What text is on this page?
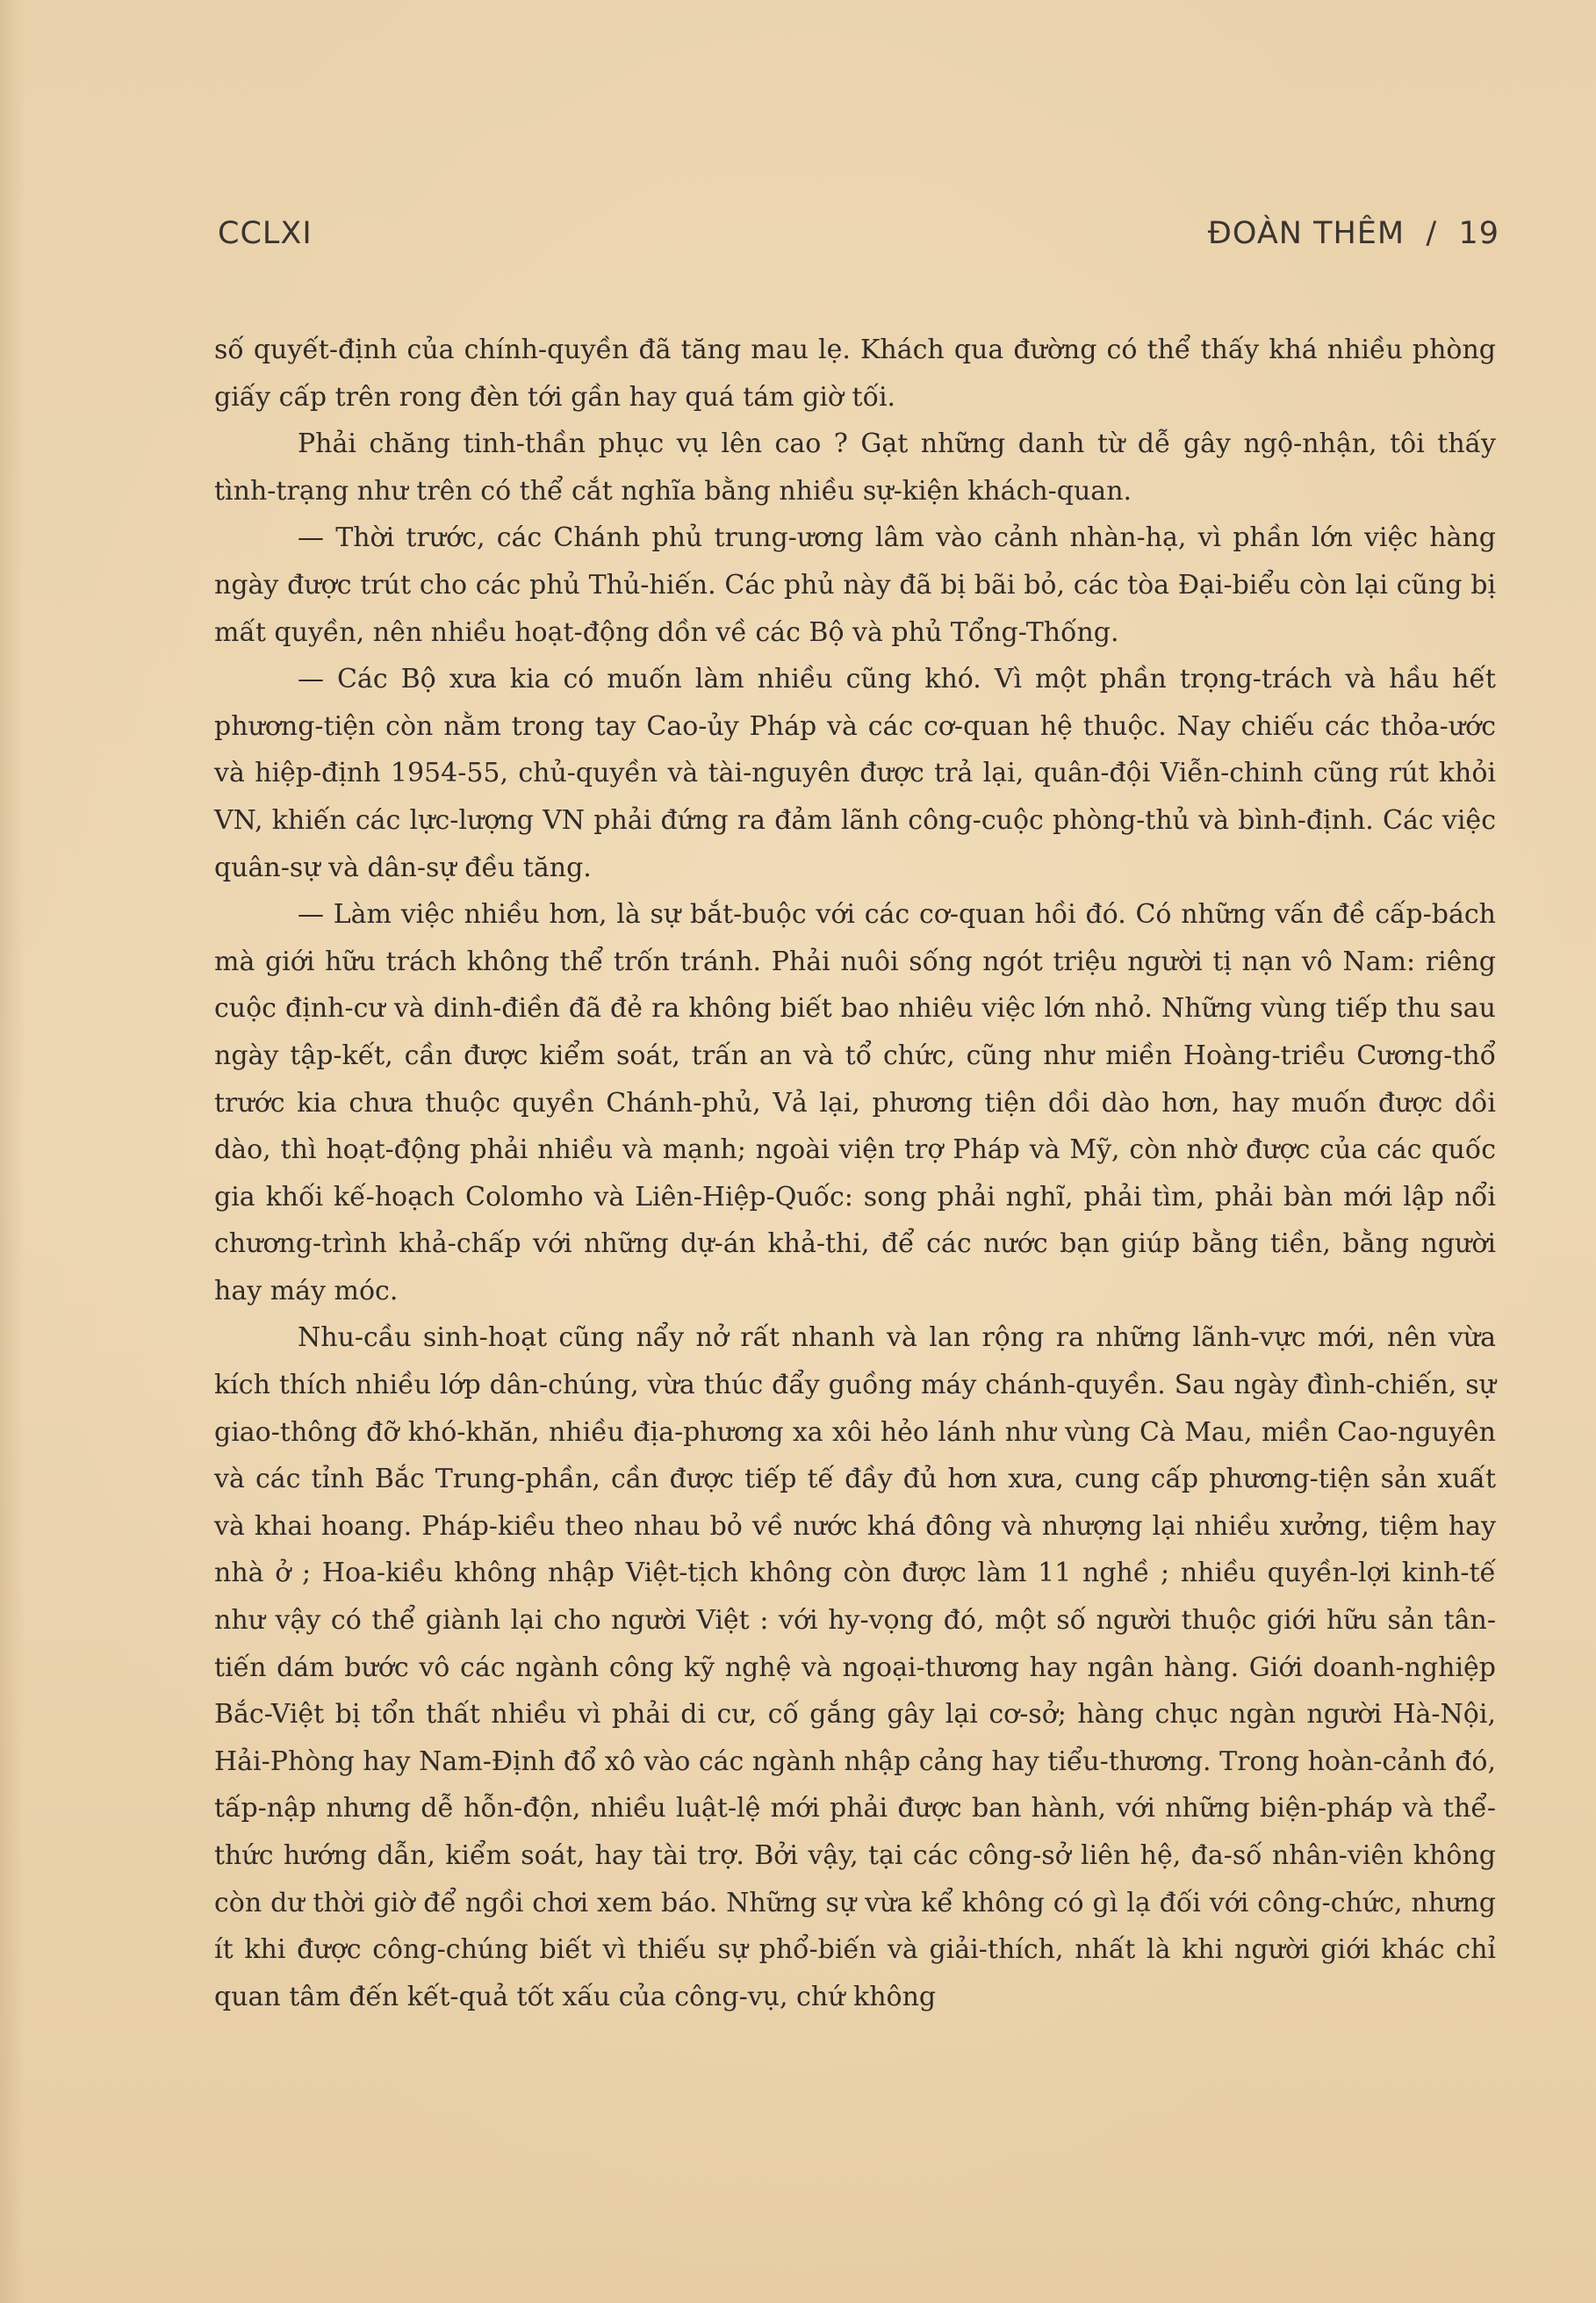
CCLXI	ĐOÀN THÊM / 19

số quyết-định của chính-quyền đã tăng mau lẹ. Khách qua đường có thể thấy khá nhiều phòng giấy cấp trên rong đèn tới gần hay quá tám giờ tối.

Phải chăng tinh-thần phục vụ lên cao ? Gạt những danh từ dễ gây ngộ-nhận, tôi thấy tình-trạng như trên có thể cắt nghĩa bằng nhiều sự-kiện khách-quan.

— Thời trước, các Chánh phủ trung-ương lâm vào cảnh nhàn-hạ, vì phần lớn việc hàng ngày được trút cho các phủ Thủ-hiến. Các phủ này đã bị bãi bỏ, các tòa Đại-biểu còn lại cũng bị mất quyền, nên nhiều hoạt-động dồn về các Bộ và phủ Tổng-Thống.

— Các Bộ xưa kia có muốn làm nhiều cũng khó. Vì một phần trọng-trách và hầu hết phương-tiện còn nằm trong tay Cao-ủy Pháp và các cơ-quan hệ thuộc. Nay chiếu các thỏa-ước và hiệp-định 1954-55, chủ-quyền và tài-nguyên được trả lại, quân-đội Viễn-chinh cũng rút khỏi VN, khiến các lực-lượng VN phải đứng ra đảm lãnh công-cuộc phòng-thủ và bình-định. Các việc quân-sự và dân-sự đều tăng.

— Làm việc nhiều hơn, là sự bắt-buộc với các cơ-quan hồi đó. Có những vấn đề cấp-bách mà giới hữu trách không thể trốn tránh. Phải nuôi sống ngót triệu người tị nạn vô Nam: riêng cuộc định-cư và dinh-điền đã đẻ ra không biết bao nhiêu việc lớn nhỏ. Những vùng tiếp thu sau ngày tập-kết, cần được kiểm soát, trấn an và tổ chức, cũng như miền Hoàng-triều Cương-thổ trước kia chưa thuộc quyền Chánh-phủ, Vả lại, phương tiện dồi dào hơn, hay muốn được dồi dào, thì hoạt-động phải nhiều và mạnh; ngoài viện trợ Pháp và Mỹ, còn nhờ được của các quốc gia khối kế-hoạch Colomho và Liên-Hiệp-Quốc: song phải nghĩ, phải tìm, phải bàn mới lập nổi chương-trình khả-chấp với những dự-án khả-thi, để các nước bạn giúp bằng tiền, bằng người hay máy móc.

Nhu-cầu sinh-hoạt cũng nẩy nở rất nhanh và lan rộng ra những lãnh-vực mới, nên vừa kích thích nhiều lớp dân-chúng, vừa thúc đẩy guồng máy chánh-quyền. Sau ngày đình-chiến, sự giao-thông đỡ khó-khăn, nhiều địa-phương xa xôi hẻo lánh như vùng Cà Mau, miền Cao-nguyên và các tỉnh Bắc Trung-phần, cần được tiếp tế đầy đủ hơn xưa, cung cấp phương-tiện sản xuất và khai hoang. Pháp-kiều theo nhau bỏ về nước khá đông và nhượng lại nhiều xưởng, tiệm hay nhà ở ; Hoa-kiều không nhập Việt-tịch không còn được làm 11 nghề ; nhiều quyền-lợi kinh-tế như vậy có thể giành lại cho người Việt : với hy-vọng đó, một số người thuộc giới hữu sản tân-tiến dám bước vô các ngành công kỹ nghệ và ngoại-thương hay ngân hàng. Giới doanh-nghiệp Bắc-Việt bị tổn thất nhiều vì phải di cư, cố gắng gây lại cơ-sở; hàng chục ngàn người Hà-Nội, Hải-Phòng hay Nam-Định đổ xô vào các ngành nhập cảng hay tiểu-thương. Trong hoàn-cảnh đó, tấp-nập nhưng dễ hỗn-độn, nhiều luật-lệ mới phải được ban hành, với những biện-pháp và thể-thức hướng dẫn, kiểm soát, hay tài trợ. Bởi vậy, tại các công-sở liên hệ, đa-số nhân-viên không còn dư thời giờ để ngồi chơi xem báo. Những sự vừa kể không có gì lạ đối với công-chức, nhưng ít khi được công-chúng biết vì thiếu sự phổ-biến và giải-thích, nhất là khi người giới khác chỉ quan tâm đến kết-quả tốt xấu của công-vụ, chứ không
